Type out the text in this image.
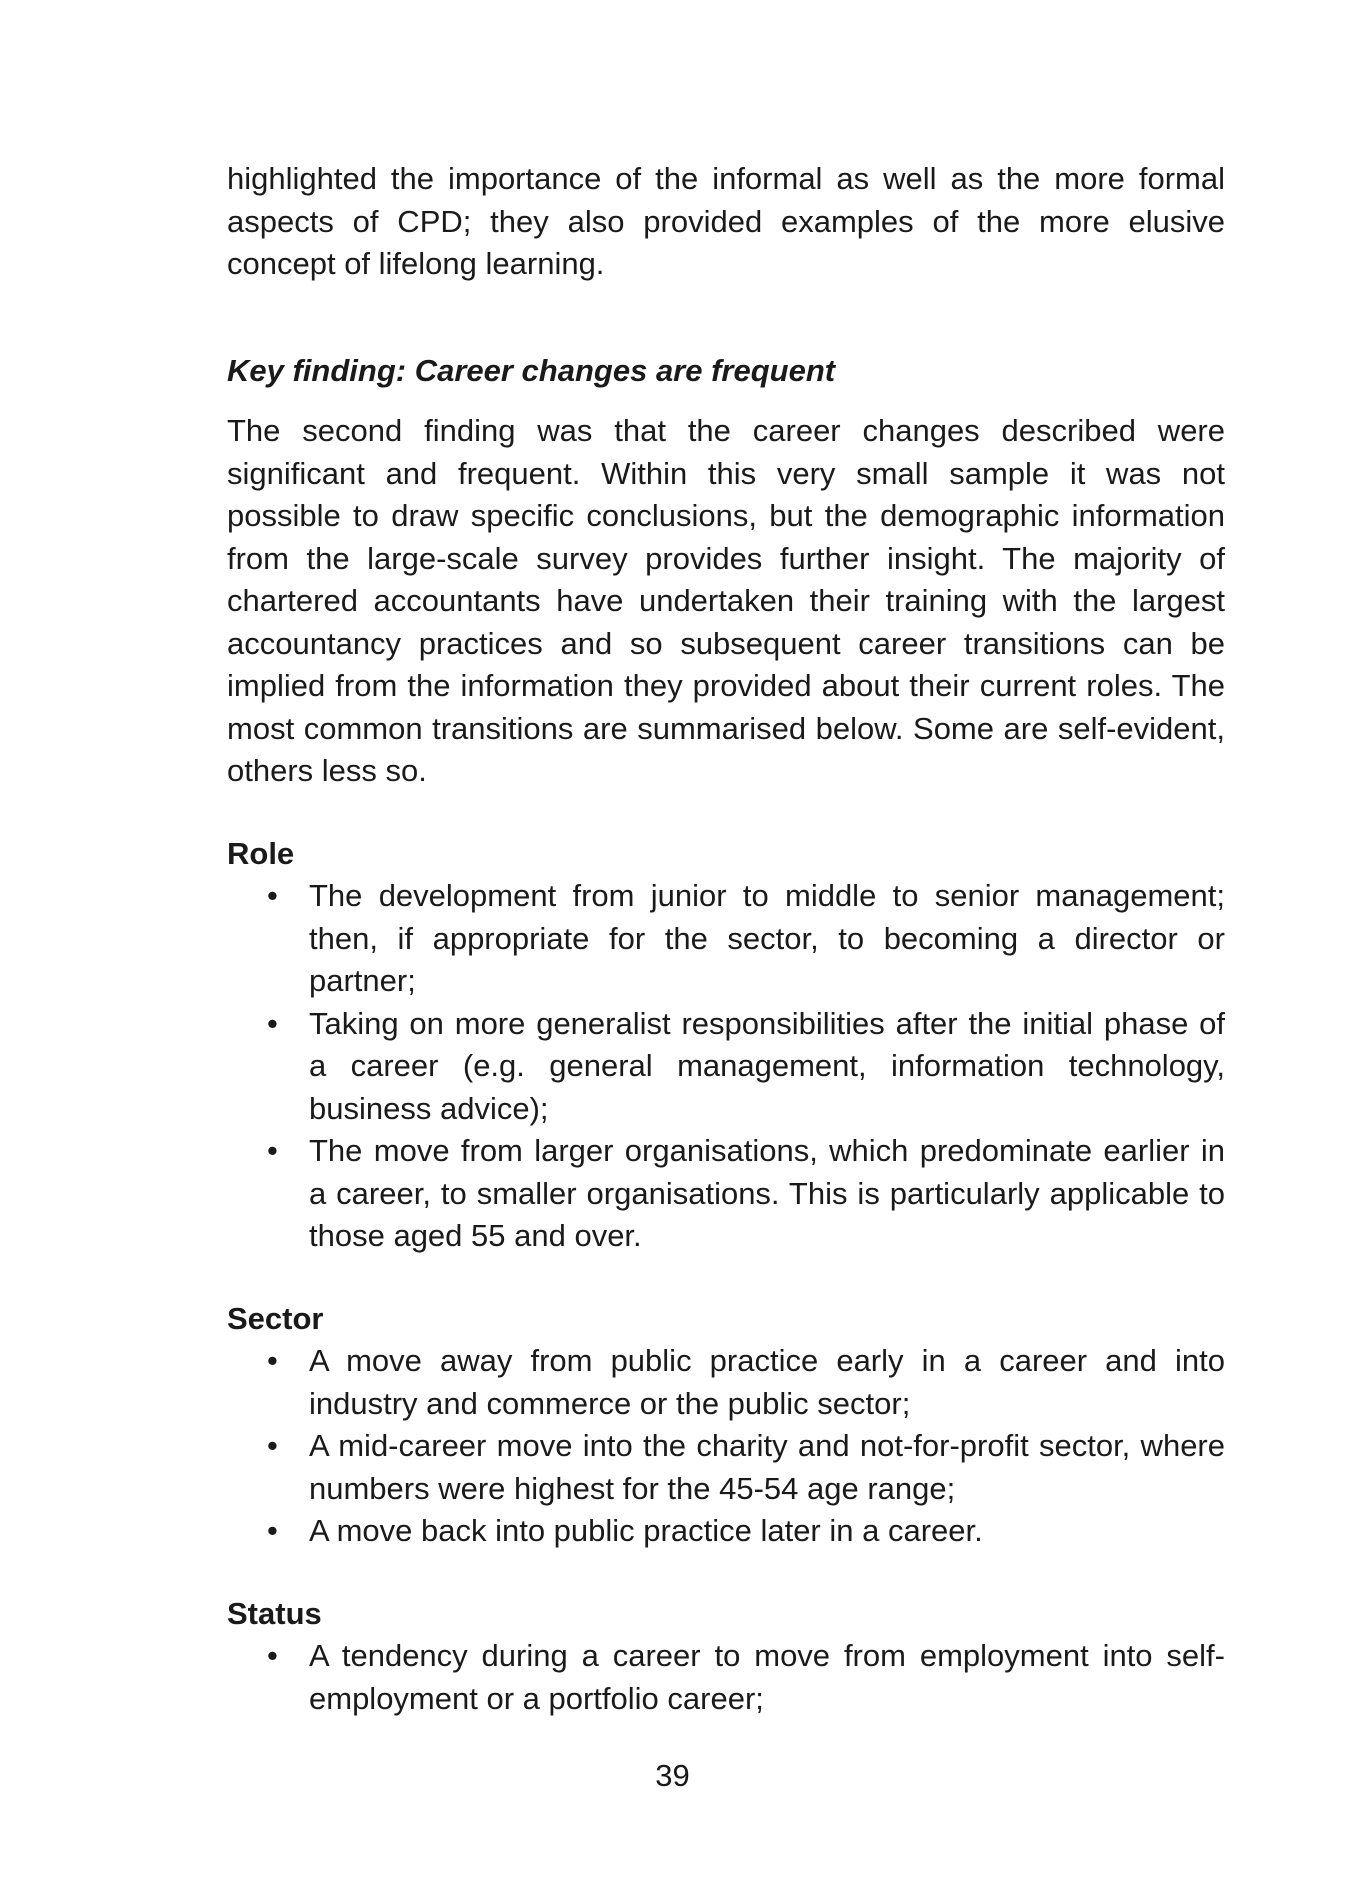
highlighted the importance of the informal as well as the more formal aspects of CPD; they also provided examples of the more elusive concept of lifelong learning.

Key finding: Career changes are frequent

The second finding was that the career changes described were significant and frequent. Within this very small sample it was not possible to draw specific conclusions, but the demographic information from the large-scale survey provides further insight. The majority of chartered accountants have undertaken their training with the largest accountancy practices and so subsequent career transitions can be implied from the information they provided about their current roles. The most common transitions are summarised below. Some are self-evident, others less so.

Role
• The development from junior to middle to senior management; then, if appropriate for the sector, to becoming a director or partner;
• Taking on more generalist responsibilities after the initial phase of a career (e.g. general management, information technology, business advice);
• The move from larger organisations, which predominate earlier in a career, to smaller organisations. This is particularly applicable to those aged 55 and over.
Sector
• A move away from public practice early in a career and into industry and commerce or the public sector;
• A mid-career move into the charity and not-for-profit sector, where numbers were highest for the 45-54 age range;
• A move back into public practice later in a career.
Status
• A tendency during a career to move from employment into self-employment or a portfolio career;
39
